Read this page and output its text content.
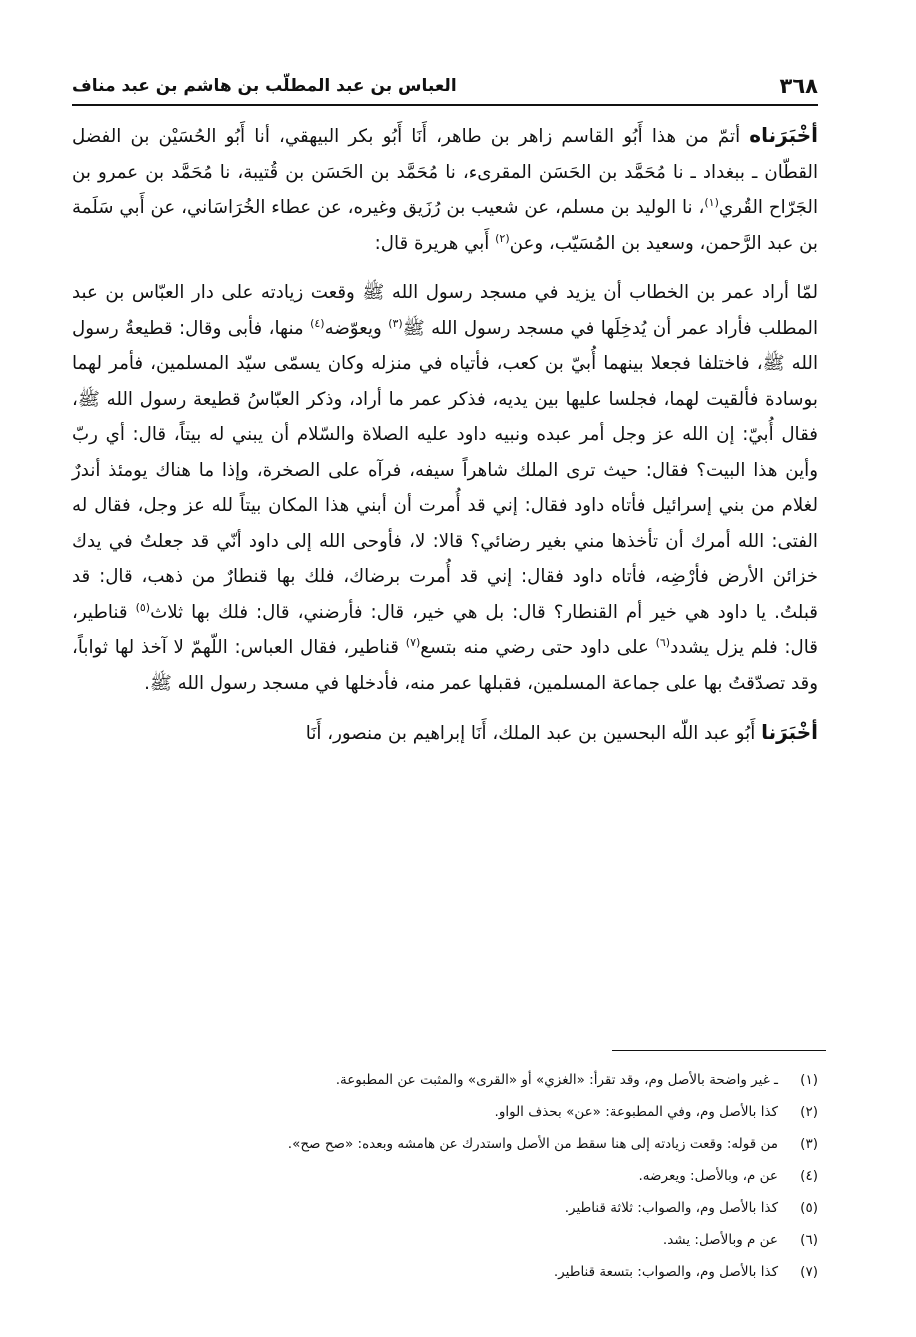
٣٦٨
العباس بن عبد المطلّب بن هاشم بن عبد مناف

أخْبَرَناه أتمّ من هذا أَبُو القاسم زاهر بن طاهر، أَنَا أَبُو بكر البيهقي، أنا أَبُو الحُسَيْن بن الفضل القطّان ـ ببغداد ـ نا مُحَمَّد بن الحَسَن المقرىء، نا مُحَمَّد بن الحَسَن بن قُتيبة، نا مُحَمَّد بن عمرو بن الجَرّاح القُري$^{(١)}$، نا الوليد بن مسلم، عن شعيب بن رُزَيق وغيره، عن عطاء الخُرَاسَاني، عن أَبي سَلَمة بن عبد الرَّحمن، وسعيد بن المُسَيّب، وعن$^{(٢)}$ أَبي هريرة قال:

لمّا أراد عمر بن الخطاب أن يزيد في مسجد رسول الله ﷺ وقعت زيادته على دار العبّاس بن عبد المطلب فأراد عمر أن يُدخِلَها في مسجد رسول الله ﷺ$^{(٣)}$ ويعوّضه$^{(٤)}$ منها، فأبى وقال: قطيعةُ رسول الله ﷺ، فاختلفا فجعلا بينهما أُبيّ بن كعب، فأتياه في منزله وكان يسمّى سيّد المسلمين، فأمر لهما بوسادة فألقيت لهما، فجلسا عليها بين يديه، فذكر عمر ما أراد، وذكر العبّاسُ قطيعة رسول الله ﷺ، فقال أُبيّ: إن الله عز وجل أمر عبده ونبيه داود عليه الصلاة والسّلام أن يبني له بيتاً، قال: أي ربّ وأين هذا البيت؟ فقال: حيث ترى الملك شاهراً سيفه، فرآه على الصخرة، وإذا ما هناك يومئذ أندرٌ لغلام من بني إسرائيل فأتاه داود فقال: إني قد أُمرت أن أبني هذا المكان بيتاً لله عز وجل، فقال له الفتى: الله أمرك أن تأخذها مني بغير رضائي؟ قالا: لا، فأوحى الله إلى داود أنّي قد جعلتُ في يدك خزائن الأرض فأرْضِه، فأتاه داود فقال: إني قد أُمرت برضاك، فلك بها قنطارٌ من ذهب، قال: قد قبلتُ. يا داود هي خير أم القنطار؟ قال: بل هي خير، قال: فأرضني، قال: فلك بها ثلاث$^{(٥)}$ قناطير، قال: فلم يزل يشدد$^{(٦)}$ على داود حتى رضي منه بتسع$^{(٧)}$ قناطير، فقال العباس: اللّهمّ لا آخذ لها ثواباً، وقد تصدّقتُ بها على جماعة المسلمين، فقبلها عمر منه، فأدخلها في مسجد رسول الله ﷺ.

أخْبَرَنا أَبُو عبد اللّه البحسين بن عبد الملك، أَنَا إبراهيم بن منصور، أَنَا

(١)
ـ غير واضحة بالأصل وم، وقد تقرأ: «الغزي» أو «القرى» والمثبت عن المطبوعة.
(٢)
كذا بالأصل وم، وفي المطبوعة: «عن» بحذف الواو.
(٣)
من قوله: وقعت زيادته إلى هنا سقط من الأصل واستدرك عن هامشه وبعده: «صح صح».
(٤)
عن م، وبالأصل: ويعرضه.
(٥)
كذا بالأصل وم، والصواب: ثلاثة قناطير.
(٦)
عن م وبالأصل: يشد.
(٧)
كذا بالأصل وم، والصواب: بتسعة قناطير.
